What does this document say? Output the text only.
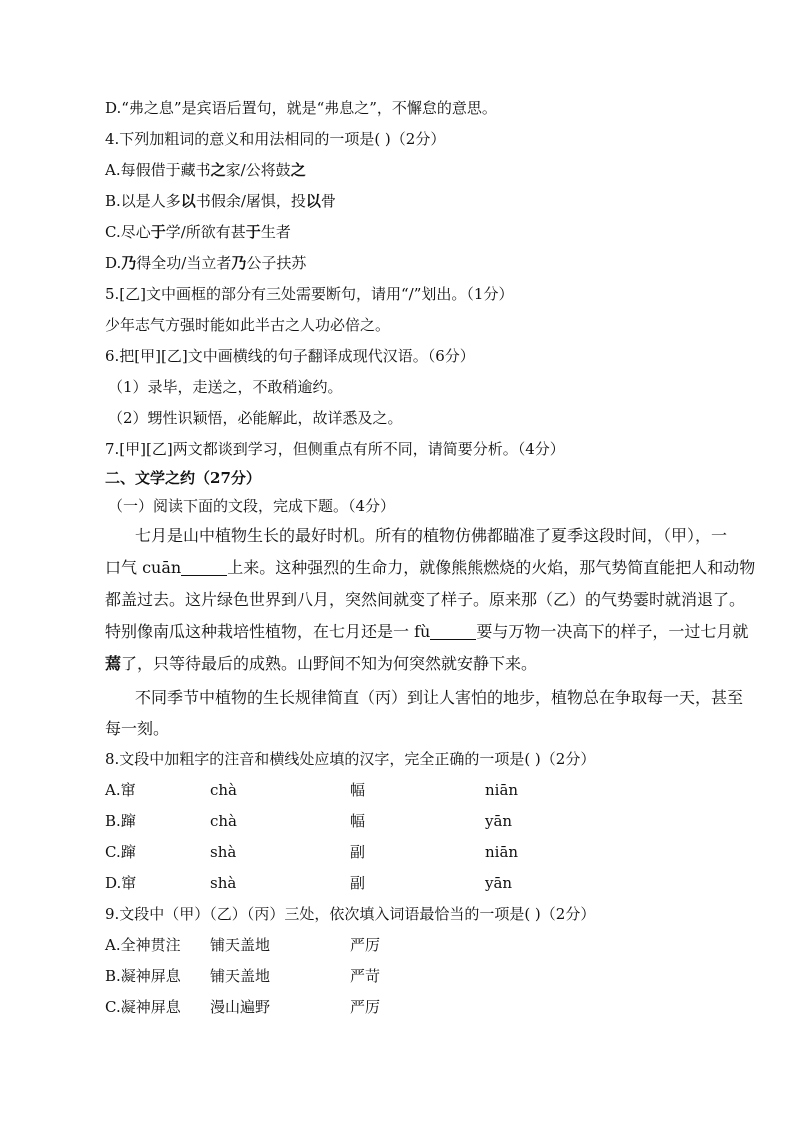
D.“弗之息”是宾语后置句，就是“弗息之”，不懈怠的意思。
4.下列加粗词的意义和用法相同的一项是( )（2分）
A.每假借于藏书之家/公将鼓之
B.以是人多以书假余/屠惧，投以骨
C.尽心于学/所欲有甚于生者
D.乃得全功/当立者乃公子扶苏
5.[乙]文中画框的部分有三处需要断句，请用“/”划出。（1分）
少年志气方强时能如此半古之人功必倍之。
6.把[甲][乙]文中画横线的句子翻译成现代汉语。（6分）
（1）录毕，走送之，不敢稍逾约。
（2）甥性识颖悟，必能解此，故详悉及之。
7.[甲][乙]两文都谈到学习，但侧重点有所不同，请简要分析。（4分）
二、文学之约（27分）
（一）阅读下面的文段，完成下题。（4分）
七月是山中植物生长的最好时机。所有的植物仿佛都瞄准了夏季这段时间，（甲），一
口气 cuān	上来。这种强烈的生命力，就像熊熊燃烧的火焰，那气势简直能把人和动物
都盖过去。这片绿色世界到八月，突然间就变了样子。原来那（乙）的气势霎时就消退了。
特别像南瓜这种栽培性植物，在七月还是一 fù	要与万物一决高下的样子，一过七月就
蔫了，只等待最后的成熟。山野间不知为何突然就安静下来。
不同季节中植物的生长规律简直（丙）到让人害怕的地步，植物总在争取每一天，甚至
每一刻。
8.文段中加粗字的注音和横线处应填的汉字，完全正确的一项是( )（2分）
A.窜	chà	幅	niān
B.蹿	chà	幅	yān
C.蹿	shà	副	niān
D.窜	shà	副	yān
9.文段中（甲）（乙）（丙）三处，依次填入词语最恰当的一项是( )（2分）
A.全神贯注 铺天盖地	严厉
B.凝神屏息 铺天盖地	严苛
C.凝神屏息 漫山遍野	严厉
